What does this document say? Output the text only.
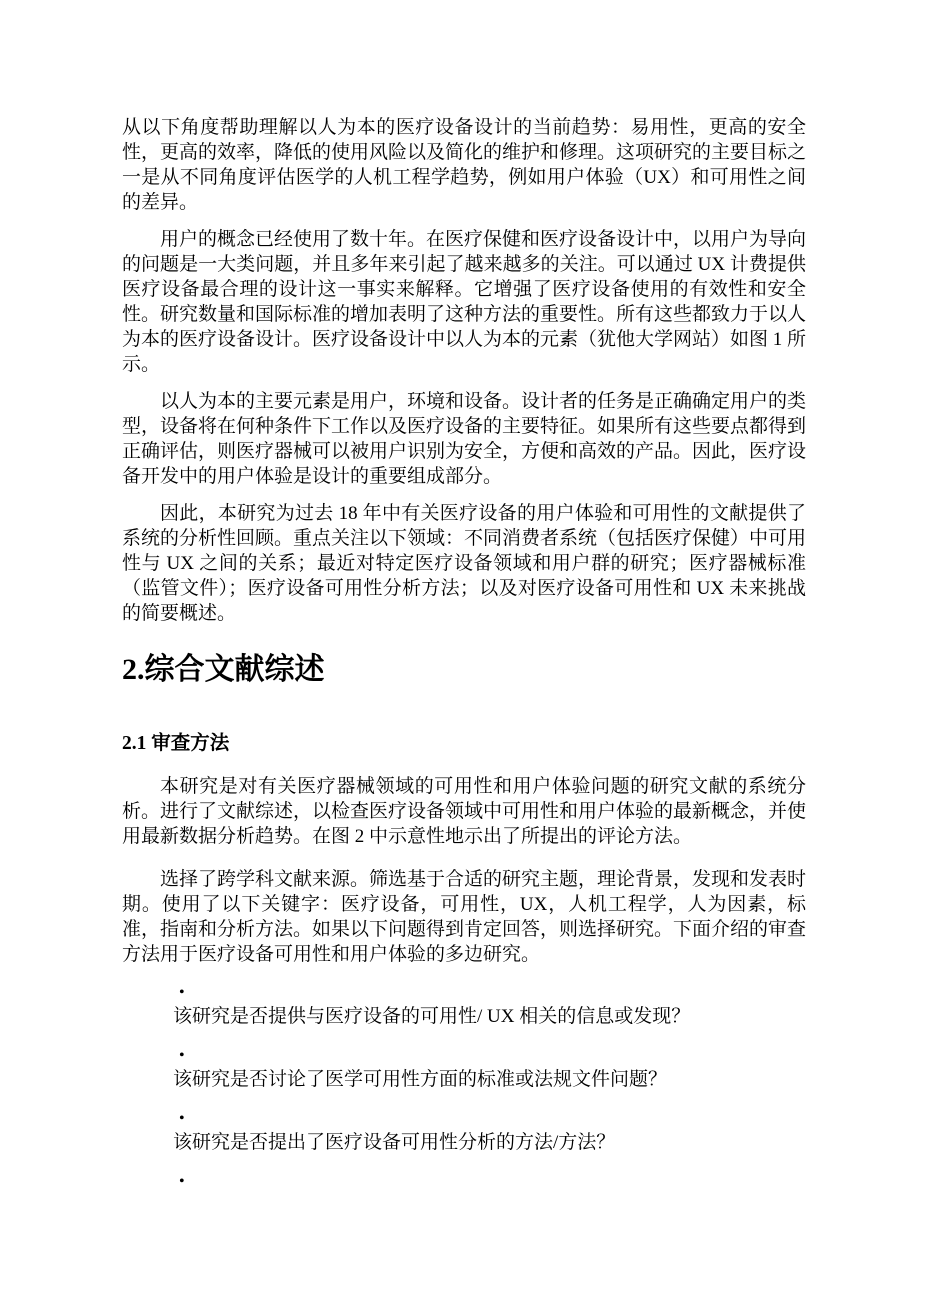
从以下角度帮助理解以人为本的医疗设备设计的当前趋势：易用性，更高的安全性，更高的效率，降低的使用风险以及简化的维护和修理。这项研究的主要目标之一是从不同角度评估医学的人机工程学趋势，例如用户体验（UX）和可用性之间的差异。

用户的概念已经使用了数十年。在医疗保健和医疗设备设计中，以用户为导向的问题是一大类问题，并且多年来引起了越来越多的关注。可以通过 UX 计费提供医疗设备最合理的设计这一事实来解释。它增强了医疗设备使用的有效性和安全性。研究数量和国际标准的增加表明了这种方法的重要性。所有这些都致力于以人为本的医疗设备设计。医疗设备设计中以人为本的元素（犹他大学网站）如图 1 所示。

以人为本的主要元素是用户，环境和设备。设计者的任务是正确确定用户的类型，设备将在何种条件下工作以及医疗设备的主要特征。如果所有这些要点都得到正确评估，则医疗器械可以被用户识别为安全，方便和高效的产品。因此，医疗设备开发中的用户体验是设计的重要组成部分。

因此，本研究为过去 18 年中有关医疗设备的用户体验和可用性的文献提供了系统的分析性回顾。重点关注以下领域：不同消费者系统（包括医疗保健）中可用性与 UX 之间的关系；最近对特定医疗设备领域和用户群的研究；医疗器械标准（监管文件）；医疗设备可用性分析方法；以及对医疗设备可用性和 UX 未来挑战的简要概述。

2.综合文献综述
2.1 审查方法

本研究是对有关医疗器械领域的可用性和用户体验问题的研究文献的系统分析。进行了文献综述，以检查医疗设备领域中可用性和用户体验的最新概念，并使用最新数据分析趋势。在图 2 中示意性地示出了所提出的评论方法。

选择了跨学科文献来源。筛选基于合适的研究主题，理论背景，发现和发表时期。使用了以下关键字：医疗设备，可用性，UX，人机工程学，人为因素，标准，指南和分析方法。如果以下问题得到肯定回答，则选择研究。下面介绍的审查方法用于医疗设备可用性和用户体验的多边研究。

•
该研究是否提供与医疗设备的可用性/ UX 相关的信息或发现？
•
该研究是否讨论了医学可用性方面的标准或法规文件问题？
•
该研究是否提出了医疗设备可用性分析的方法/方法？
•
